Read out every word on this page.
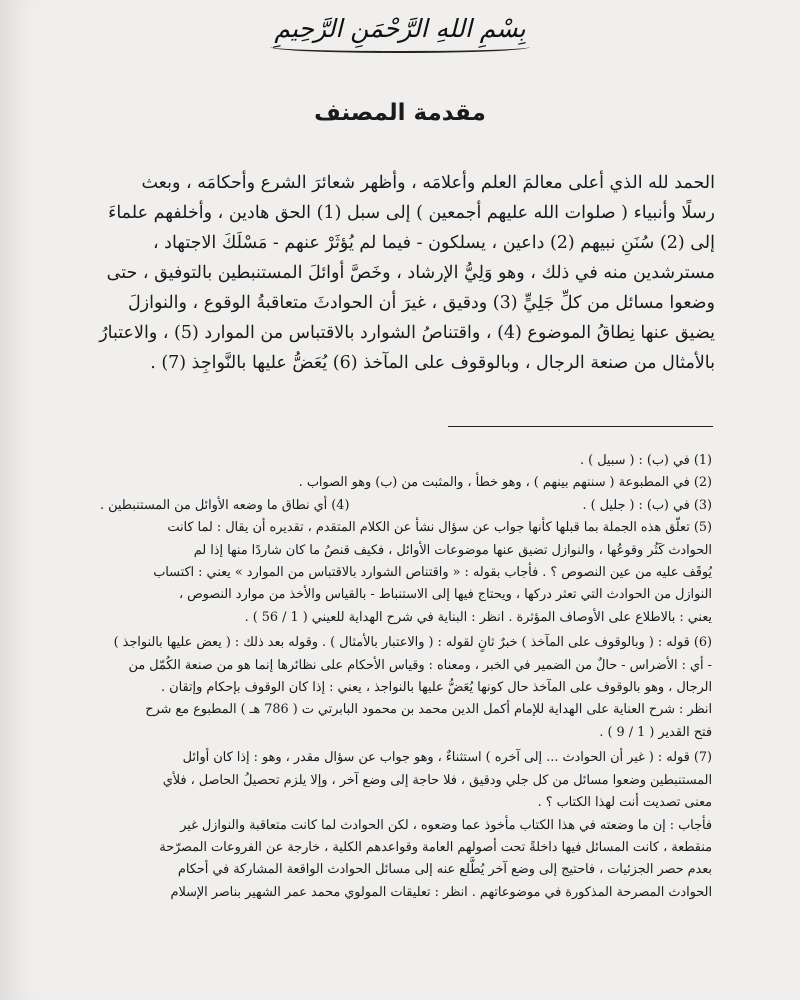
بِسْمِ اللهِ الرَّحْمَنِ الرَّحِيمِ
مقدمة المصنف
الحمد لله الذي أعلى معالمَ العلم وأعلامَه ، وأظهر شعائرَ الشرع وأحكامَه ، وبعث
رسلًا وأنبياء ( صلوات الله عليهم أجمعين ) إلى سبل (1) الحق هادين ، وأخلفهم علماءَ
إلى (2) سُنَنِ نبيهم (2) داعين ، يسلكون - فيما لم يُؤثَرْ عنهم - مَسْلَكَ الاجتهاد ،
مسترشدين منه في ذلك ، وهو وَلِيُّ الإرشاد ، وخَصَّ أوائلَ المستنبطين بالتوفيق ، حتى
وضعوا مسائل من كلِّ جَلِيٍّ (3) ودقيق ، غيرَ أن الحوادثَ متعاقبةُ الوقوع ، والنوازلَ
يضيق عنها نِطاقُ الموضوع (4) ، واقتناصُ الشوارد بالاقتباس من الموارد (5) ، والاعتبارُ
بالأمثال من صنعة الرجال ، وبالوقوف على المآخذ (6) يُعَضُّ عليها بالنَّواجِذ (7) .
(1) في (ب) : ( سبيل ) .
(2) في المطبوعة ( سننهم بينهم ) ، وهو خطأ ، والمثبت من (ب) وهو الصواب .
(3) في (ب) : ( جليل ) .
(4) أي نطاق ما وضعه الأوائل من المستنبطين .
(5) تعلّق هذه الجملة بما قبلها كأنها جواب عن سؤال نشأ عن الكلام المتقدم ، تقديره أن يقال : لما كانت
الحوادث كَثُر وقوعُها ، والنوازل تضيق عنها موضوعات الأوائل ، فكيف قنصُ ما كان شاردًا منها إذا لم
يُوقَف عليه من عين النصوص ؟ . فأجاب بقوله : « واقتناص الشوارد بالاقتباس من الموارد » يعني : اكتساب
النوازل من الحوادث التي تعثر دركها ، ويحتاج فيها إلى الاستنباط - بالقياس والأخذ من موارد النصوص ،
يعني : بالاطلاع على الأوصاف المؤثرة . انظر : البناية في شرح الهداية للعيني ( 1 / 56 ) .
(6) قوله : ( وبالوقوف على المآخذ ) خبرٌ ثانٍ لقوله : ( والاعتبار بالأمثال ) . وقوله بعد ذلك : ( يعض عليها بالنواجذ )
- أي : الأضراس - حالٌ من الضمير في الخبر ، ومعناه : وقياس الأحكام على نظائرها إنما هو من صنعة الكُمّل من
الرجال ، وهو بالوقوف على المآخذ حال كونها يُعَضُّ عليها بالنواجذ ، يعني : إذا كان الوقوف بإحكام وإتقان .
انظر : شرح العناية على الهداية للإمام أكمل الدين محمد بن محمود البابرتي ت ( 786 هـ ) المطبوع مع شرح
فتح القدير ( 1 / 9 ) .
(7) قوله : ( غير أن الحوادث ... إلى آخره ) استثناءٌ ، وهو جواب عن سؤال مقدر ، وهو : إذا كان أوائل
المستنبطين وضعوا مسائل من كل جلي ودقيق ، فلا حاجة إلى وضع آخر ، وإلا يلزم تحصيلُ الحاصل ، فلأي
معنى تصديت أنت لهذا الكتاب ؟ .
فأجاب : إن ما وضعته في هذا الكتاب مأخوذ عما وضعوه ، لكن الحوادث لما كانت متعاقبة والنوازل غير
منقطعة ، كانت المسائل فيها داخلةً تحت أصولهم العامة وقواعدهم الكلية ، خارجة عن الفروعات المصرّحة
بعدم حصر الجزئيات ، فاحتيج إلى وضع آخر يُطَّلع عنه إلى مسائل الحوادث الواقعة المشاركة في أحكام
الحوادث المصرحة المذكورة في موضوعاتهم . انظر : تعليقات المولوي محمد عمر الشهير بناصر الإسلام
